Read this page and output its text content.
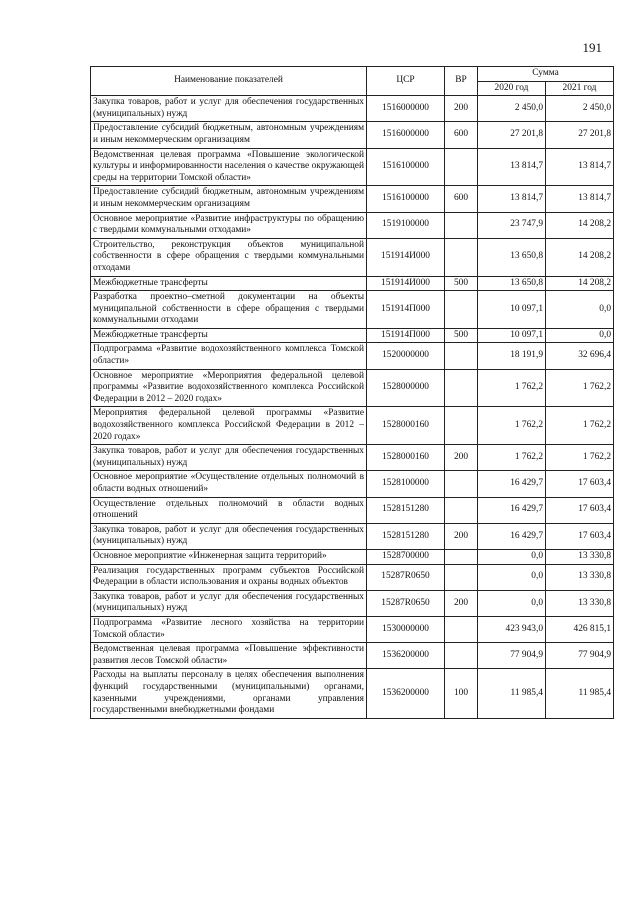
191
Наименование показателей	ЦСР	ВР	Сумма	
			2020 год	2021 год
Закупка товаров, работ и услуг для обеспечения государственных (муниципальных) нужд	1516000000	200	2 450,0	2 450,0
Предоставление субсидий бюджетным, автономным учреждениям и иным некоммерческим организациям	1516000000	600	27 201,8	27 201,8
Ведомственная целевая программа «Повышение экологической культуры и информированности населения о качестве окружающей среды на территории Томской области»	1516100000		13 814,7	13 814,7
Предоставление субсидий бюджетным, автономным учреждениям и иным некоммерческим организациям	1516100000	600	13 814,7	13 814,7
Основное мероприятие «Развитие инфраструктуры по обращению с твердыми коммунальными отходами»	1519100000		23 747,9	14 208,2
Строительство, реконструкция объектов муниципальной собственности в сфере обращения с твердыми коммунальными отходами	151914И000		13 650,8	14 208,2
Межбюджетные трансферты	151914И000	500	13 650,8	14 208,2
Разработка проектно–сметной документации на объекты муниципальной собственности в сфере обращения с твердыми коммунальными отходами	151914П000		10 097,1	0,0
Межбюджетные трансферты	151914П000	500	10 097,1	0,0
Подпрограмма «Развитие водохозяйственного комплекса Томской области»	1520000000		18 191,9	32 696,4
Основное мероприятие «Мероприятия федеральной целевой программы «Развитие водохозяйственного комплекса Российской Федерации в 2012 – 2020 годах»	1528000000		1 762,2	1 762,2
Мероприятия федеральной целевой программы «Развитие водохозяйственного комплекса Российской Федерации в 2012 – 2020 годах»	1528000160		1 762,2	1 762,2
Закупка товаров, работ и услуг для обеспечения государственных (муниципальных) нужд	1528000160	200	1 762,2	1 762,2
Основное мероприятие «Осуществление отдельных полномочий в области водных отношений»	1528100000		16 429,7	17 603,4
Осуществление отдельных полномочий в области водных отношений	1528151280		16 429,7	17 603,4
Закупка товаров, работ и услуг для обеспечения государственных (муниципальных) нужд	1528151280	200	16 429,7	17 603,4
Основное мероприятие «Инженерная защита территорий»	1528700000		0,0	13 330,8
Реализация государственных программ субъектов Российской Федерации в области использования и охраны водных объектов	15287R0650		0,0	13 330,8
Закупка товаров, работ и услуг для обеспечения государственных (муниципальных) нужд	15287R0650	200	0,0	13 330,8
Подпрограмма «Развитие лесного хозяйства на территории Томской области»	1530000000		423 943,0	426 815,1
Ведомственная целевая программа «Повышение эффективности развития лесов Томской области»	1536200000		77 904,9	77 904,9
Расходы на выплаты персоналу в целях обеспечения выполнения функций государственными (муниципальными) органами, казенными учреждениями, органами управления государственными внебюджетными фондами	1536200000	100	11 985,4	11 985,4
